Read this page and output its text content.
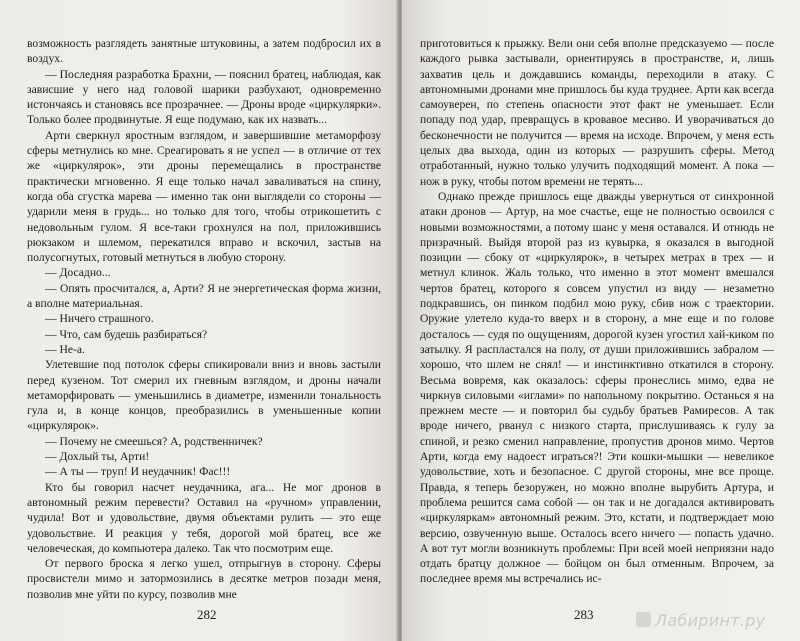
возможность разглядеть занятные штуковины, а затем подбросил их в воздух.

— Последняя разработка Брахни, — пояснил братец, наблюдая, как зависшие у него над головой шарики разбухают, одновременно истончаясь и становясь все прозрачнее. — Дроны вроде «циркулярки». Только более продвинутые. Я еще подумаю, как их назвать...

Арти сверкнул яростным взглядом, и завершившие метаморфозу сферы метнулись ко мне. Среагировать я не успел — в отличие от тех же «циркулярок», эти дроны перемещались в пространстве практически мгновенно. Я еще только начал заваливаться на спину, когда оба сгустка марева — именно так они выглядели со стороны — ударили меня в грудь... но только для того, чтобы отрикошетить с недовольным гулом. Я все-таки грохнулся на пол, приложившись рюкзаком и шлемом, перекатился вправо и вскочил, застыв на полусогнутых, готовый метнуться в любую сторону.

— Досадно...

— Опять просчитался, а, Арти? Я не энергетическая форма жизни, а вполне материальная.

— Ничего страшного.

— Что, сам будешь разбираться?

— Не-а.

Улетевшие под потолок сферы спикировали вниз и вновь застыли перед кузеном. Тот смерил их гневным взглядом, и дроны начали метаморфировать — уменьшились в диаметре, изменили тональность гула и, в конце концов, преобразились в уменьшенные копии «циркулярок».

— Почему не смеешься? А, родственничек?

— Дохлый ты, Арти!

— А ты — труп! И неудачник! Фас!!!

Кто бы говорил насчет неудачника, ага... Не мог дронов в автономный режим перевести? Оставил на «ручном» управлении, чудила! Вот и удовольствие, двумя объектами рулить — это еще удовольствие. И реакция у тебя, дорогой мой братец, все же человеческая, до компьютера далеко. Так что посмотрим еще.

От первого броска я легко ушел, отпрыгнув в сторону. Сферы просвистели мимо и затормозились в десятке метров позади меня, позволив мне уйти по курсу, позволив мне

282

приготовиться к прыжку. Вели они себя вполне предсказуемо — после каждого рывка застывали, ориентируясь в пространстве, и, лишь захватив цель и дождавшись команды, переходили в атаку. С автономными дронами мне пришлось бы куда труднее. Арти как всегда самоуверен, по степень опасности этот факт не уменьшает. Если попаду под удар, превращусь в кровавое месиво. И уворачиваться до бесконечности не получится — время на исходе. Впрочем, у меня есть целых два выхода, один из которых — разрушить сферы. Метод отработанный, нужно только улучить подходящий момент. А пока — нож в руку, чтобы потом времени не терять...

Однако прежде пришлось еще дважды увернуться от синхронной атаки дронов — Артур, на мое счастье, еще не полностью освоился с новыми возможностями, а потому шанс у меня оставался. И отнюдь не призрачный. Выйдя второй раз из кувырка, я оказался в выгодной позиции — сбоку от «циркулярок», в четырех метрах в трех — и метнул клинок. Жаль только, что именно в этот момент вмешался чертов братец, которого я совсем упустил из виду — незаметно подкравшись, он пинком подбил мою руку, сбив нож с траектории. Оружие улетело куда-то вверх и в сторону, а мне еще и по голове досталось — судя по ощущениям, дорогой кузен угостил хай-киком по затылку. Я распластался на полу, от души приложившись забралом — хорошо, что шлем не снял! — и инстинктивно откатился в сторону. Весьма вовремя, как оказалось: сферы пронеслись мимо, едва не чиркнув силовыми «иглами» по напольному покрытию. Останься я на прежнем месте — и повторил бы судьбу братьев Рамиресов. А так вроде ничего, рванул с низкого старта, прислушиваясь к гулу за спиной, и резко сменил направление, пропустив дронов мимо. Чертов Арти, когда ему надоест играться?! Эти кошки-мышки — невеликое удовольствие, хоть и безопасное. С другой стороны, мне все проще. Правда, я теперь безоружен, но можно вполне вырубить Артура, и проблема решится сама собой — он так и не догадался активировать «циркуляркам» автономный режим. Это, кстати, и подтверждает мою версию, озвученную выше. Осталось всего ничего — попасть удачно. А вот тут могли возникнуть проблемы: При всей моей неприязни надо отдать братцу должное — бойцом он был отменным. Впрочем, за последнее время мы встречались ис-

283	Лабиринт.ру
